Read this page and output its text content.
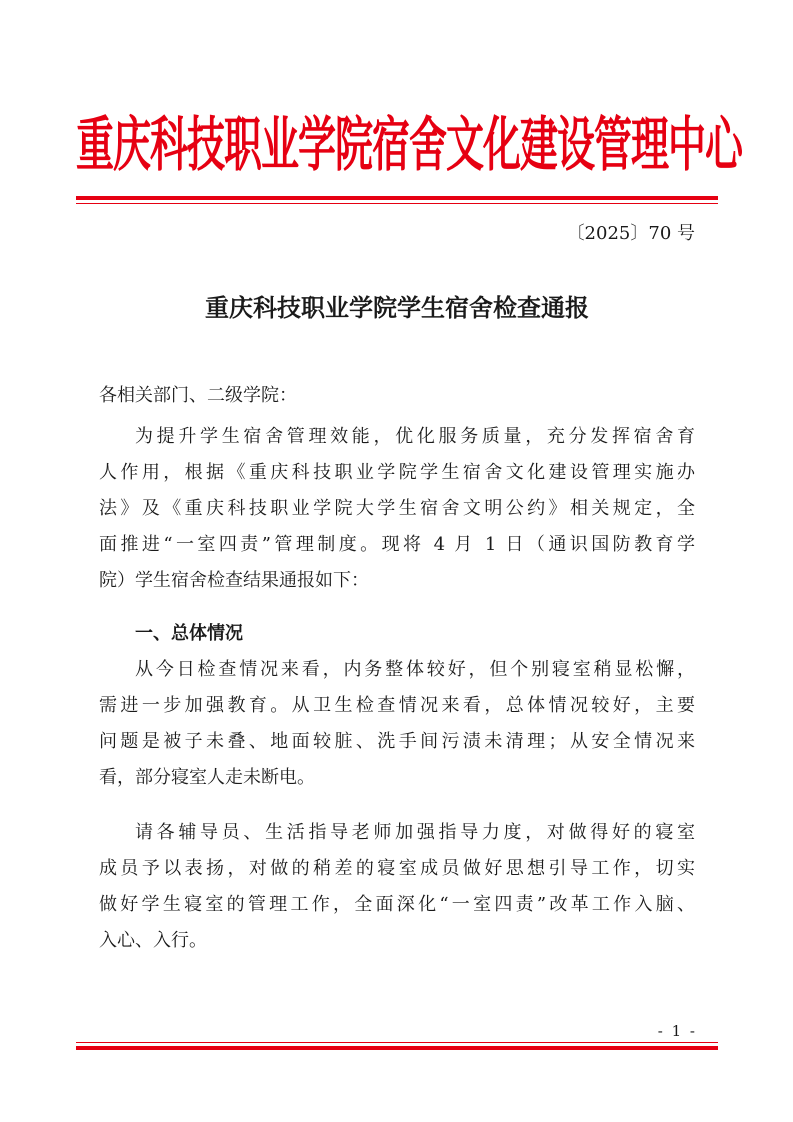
重庆科技职业学院宿舍文化建设管理中心
〔2025〕70 号
重庆科技职业学院学生宿舍检查通报
各相关部门、二级学院：
为提升学生宿舍管理效能，优化服务质量，充分发挥宿舍育
人作用，根据《重庆科技职业学院学生宿舍文化建设管理实施办
法》及《重庆科技职业学院大学生宿舍文明公约》相关规定，全
面推进“一室四责”管理制度。现将 4 月 1 日（通识国防教育学
院）学生宿舍检查结果通报如下：
一、总体情况
从今日检查情况来看，内务整体较好，但个别寝室稍显松懈，
需进一步加强教育。从卫生检查情况来看，总体情况较好，主要
问题是被子未叠、地面较脏、洗手间污渍未清理；从安全情况来
看，部分寝室人走未断电。
请各辅导员、生活指导老师加强指导力度，对做得好的寝室
成员予以表扬，对做的稍差的寝室成员做好思想引导工作，切实
做好学生寝室的管理工作，全面深化“一室四责”改革工作入脑、
入心、入行。
- 1 -
